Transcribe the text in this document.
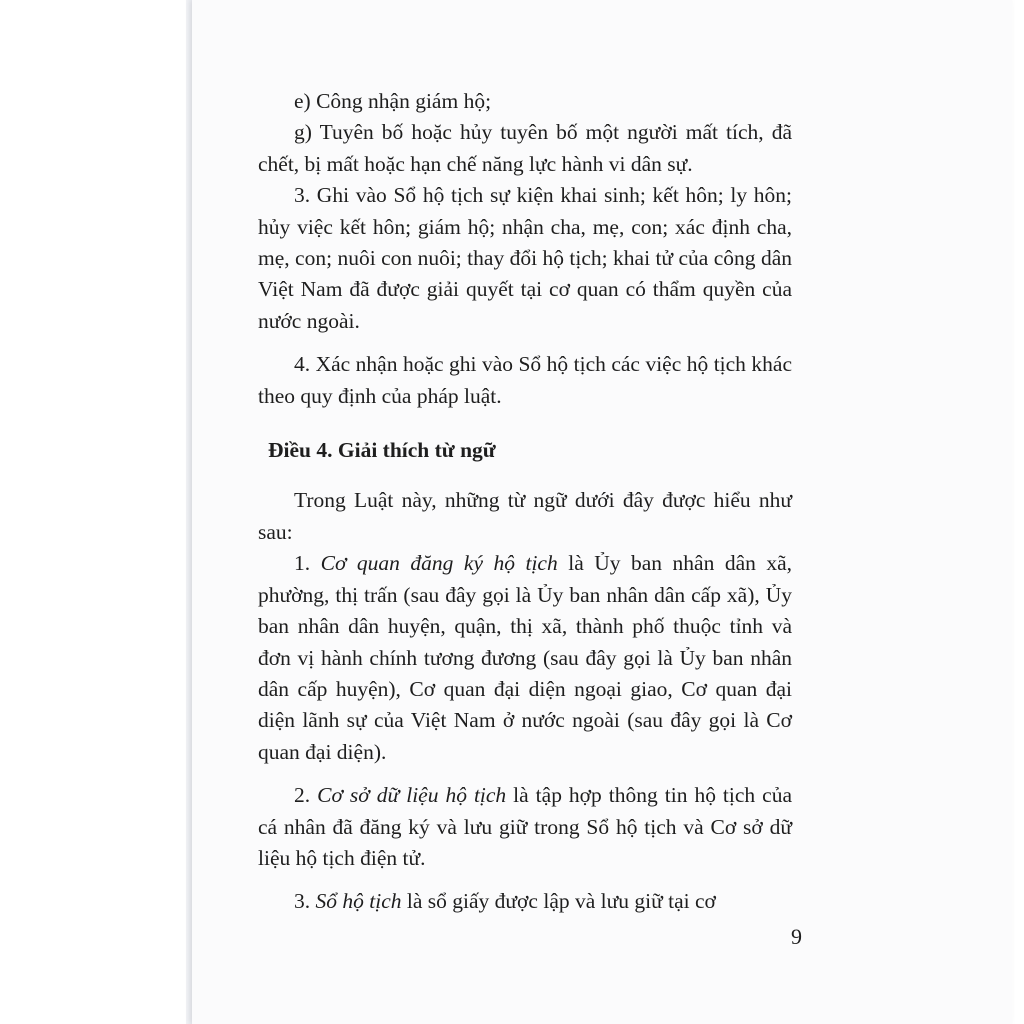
e) Công nhận giám hộ;

g) Tuyên bố hoặc hủy tuyên bố một người mất tích, đã chết, bị mất hoặc hạn chế năng lực hành vi dân sự.

3. Ghi vào Sổ hộ tịch sự kiện khai sinh; kết hôn; ly hôn; hủy việc kết hôn; giám hộ; nhận cha, mẹ, con; xác định cha, mẹ, con; nuôi con nuôi; thay đổi hộ tịch; khai tử của công dân Việt Nam đã được giải quyết tại cơ quan có thẩm quyền của nước ngoài.

4. Xác nhận hoặc ghi vào Sổ hộ tịch các việc hộ tịch khác theo quy định của pháp luật.

Điều 4. Giải thích từ ngữ

Trong Luật này, những từ ngữ dưới đây được hiểu như sau:

1. Cơ quan đăng ký hộ tịch là Ủy ban nhân dân xã, phường, thị trấn (sau đây gọi là Ủy ban nhân dân cấp xã), Ủy ban nhân dân huyện, quận, thị xã, thành phố thuộc tỉnh và đơn vị hành chính tương đương (sau đây gọi là Ủy ban nhân dân cấp huyện), Cơ quan đại diện ngoại giao, Cơ quan đại diện lãnh sự của Việt Nam ở nước ngoài (sau đây gọi là Cơ quan đại diện).

2. Cơ sở dữ liệu hộ tịch là tập hợp thông tin hộ tịch của cá nhân đã đăng ký và lưu giữ trong Sổ hộ tịch và Cơ sở dữ liệu hộ tịch điện tử.

3. Sổ hộ tịch là sổ giấy được lập và lưu giữ tại cơ

9
